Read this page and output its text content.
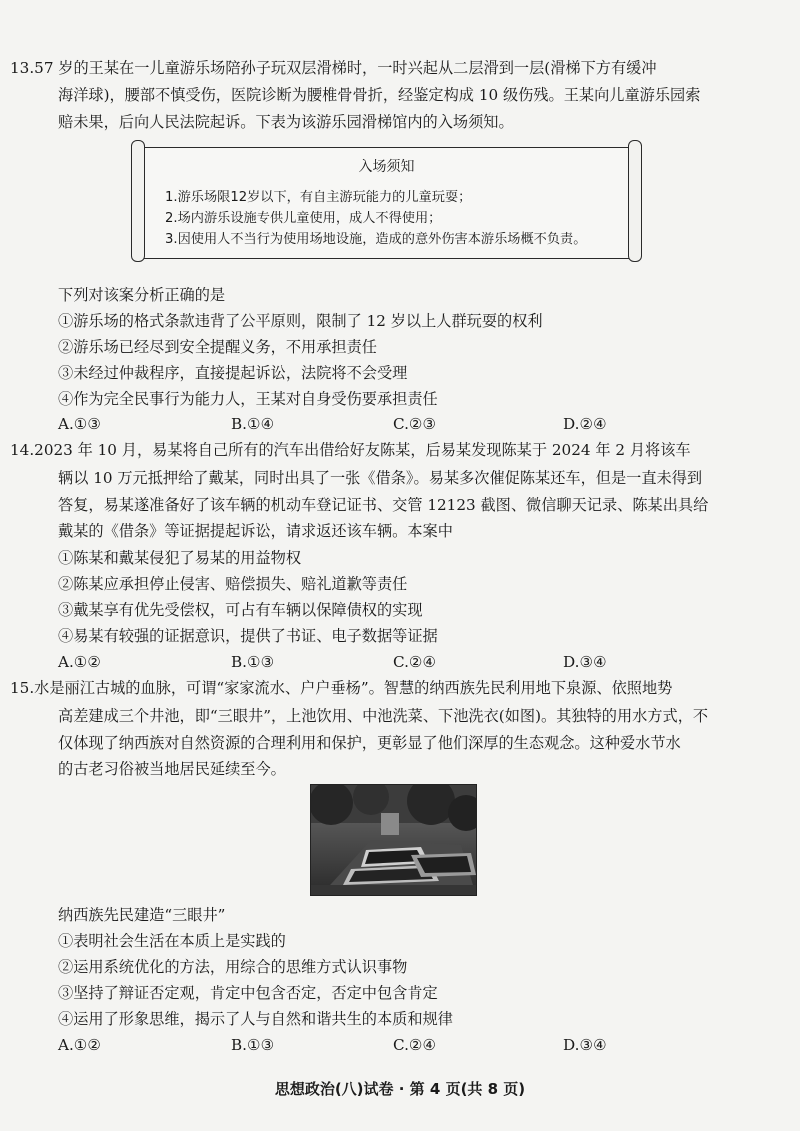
13.57 岁的王某在一儿童游乐场陪孙子玩双层滑梯时，一时兴起从二层滑到一层(滑梯下方有缓冲
海洋球)，腰部不慎受伤，医院诊断为腰椎骨骨折，经鉴定构成 10 级伤残。王某向儿童游乐园索
赔未果，后向人民法院起诉。下表为该游乐园滑梯馆内的入场须知。
入场须知
1.游乐场限12岁以下，有自主游玩能力的儿童玩耍；
2.场内游乐设施专供儿童使用，成人不得使用；
3.因使用人不当行为使用场地设施，造成的意外伤害本游乐场概不负责。
下列对该案分析正确的是
①游乐场的格式条款违背了公平原则，限制了 12 岁以上人群玩耍的权利
②游乐场已经尽到安全提醒义务，不用承担责任
③未经过仲裁程序，直接提起诉讼，法院将不会受理
④作为完全民事行为能力人，王某对自身受伤要承担责任
A.①③	B.①④	C.②③	D.②④
14.2023 年 10 月，易某将自己所有的汽车出借给好友陈某，后易某发现陈某于 2024 年 2 月将该车
辆以 10 万元抵押给了戴某，同时出具了一张《借条》。易某多次催促陈某还车，但是一直未得到
答复，易某遂准备好了该车辆的机动车登记证书、交管 12123 截图、微信聊天记录、陈某出具给
戴某的《借条》等证据提起诉讼，请求返还该车辆。本案中
①陈某和戴某侵犯了易某的用益物权
②陈某应承担停止侵害、赔偿损失、赔礼道歉等责任
③戴某享有优先受偿权，可占有车辆以保障债权的实现
④易某有较强的证据意识，提供了书证、电子数据等证据
A.①②	B.①③	C.②④	D.③④
15.水是丽江古城的血脉，可谓“家家流水、户户垂杨”。智慧的纳西族先民利用地下泉源、依照地势
高差建成三个井池，即“三眼井”，上池饮用、中池洗菜、下池洗衣(如图)。其独特的用水方式，不
仅体现了纳西族对自然资源的合理利用和保护，更彰显了他们深厚的生态观念。这种爱水节水
的古老习俗被当地居民延续至今。
纳西族先民建造“三眼井”
①表明社会生活在本质上是实践的
②运用系统优化的方法，用综合的思维方式认识事物
③坚持了辩证否定观，肯定中包含否定，否定中包含肯定
④运用了形象思维，揭示了人与自然和谐共生的本质和规律
A.①②	B.①③	C.②④	D.③④
思想政治(八)试卷 · 第 4 页(共 8 页)
